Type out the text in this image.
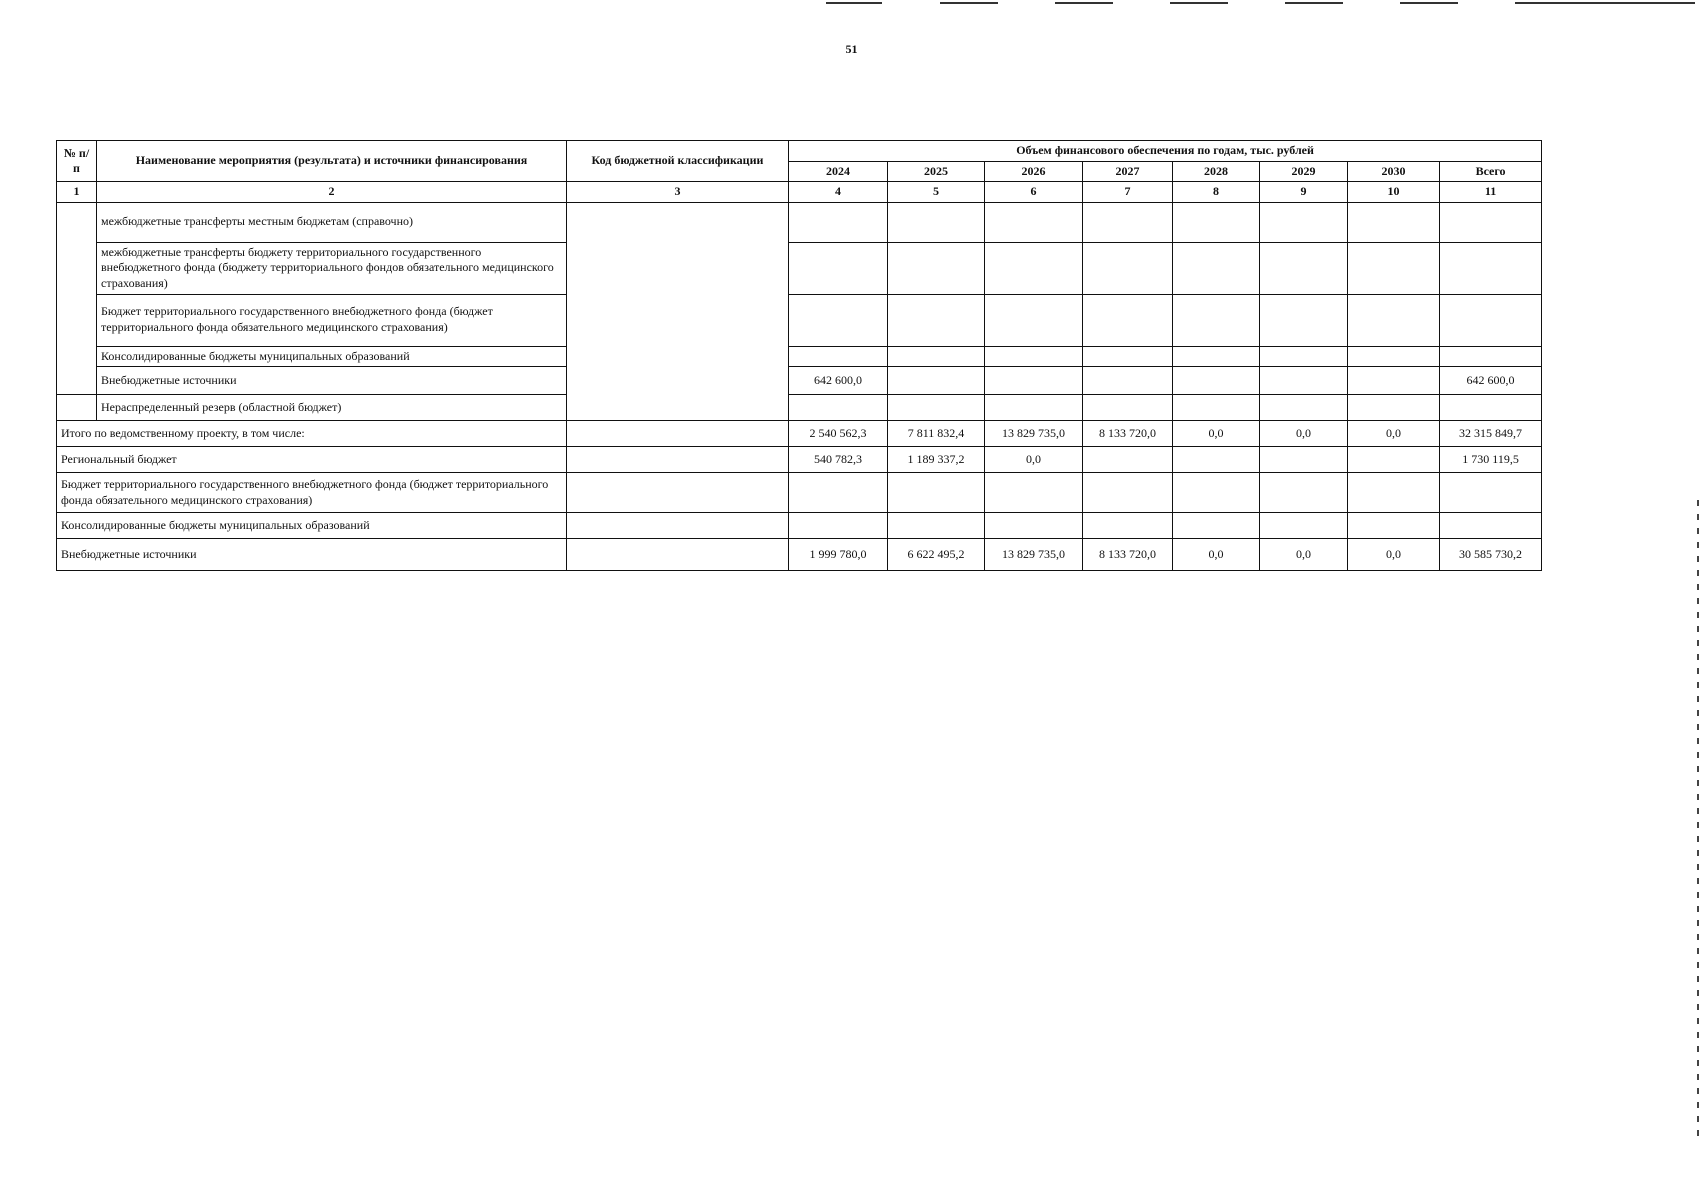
51
№ п/п	Наименование мероприятия (результата) и источники финансирования	Код бюджетной классификации	Объем финансового обеспечения по годам, тыс. рублей							
			2024	2025	2026	2027	2028	2029	2030	Всего
1	2	3	4	5	6	7	8	9	10	11
	межбюджетные трансферты местным бюджетам (справочно)									
	межбюджетные трансферты бюджету территориального государственного внебюджетного фонда (бюджету территориального фондов обязательного медицинского страхования)									
	Бюджет территориального государственного внебюджетного фонда (бюджет территориального фонда обязательного медицинского страхования)									
	Консолидированные бюджеты муниципальных образований									
	Внебюджетные источники		642 600,0							642 600,0
	Нераспределенный резерв (областной бюджет)									
Итого по ведомственному проекту, в том числе:			2 540 562,3	7 811 832,4	13 829 735,0	8 133 720,0	0,0	0,0	0,0	32 315 849,7
Региональный бюджет			540 782,3	1 189 337,2	0,0					1 730 119,5
Бюджет территориального государственного внебюджетного фонда (бюджет территориального фонда обязательного медицинского страхования)										
Консолидированные бюджеты муниципальных образований										
Внебюджетные источники			1 999 780,0	6 622 495,2	13 829 735,0	8 133 720,0	0,0	0,0	0,0	30 585 730,2
